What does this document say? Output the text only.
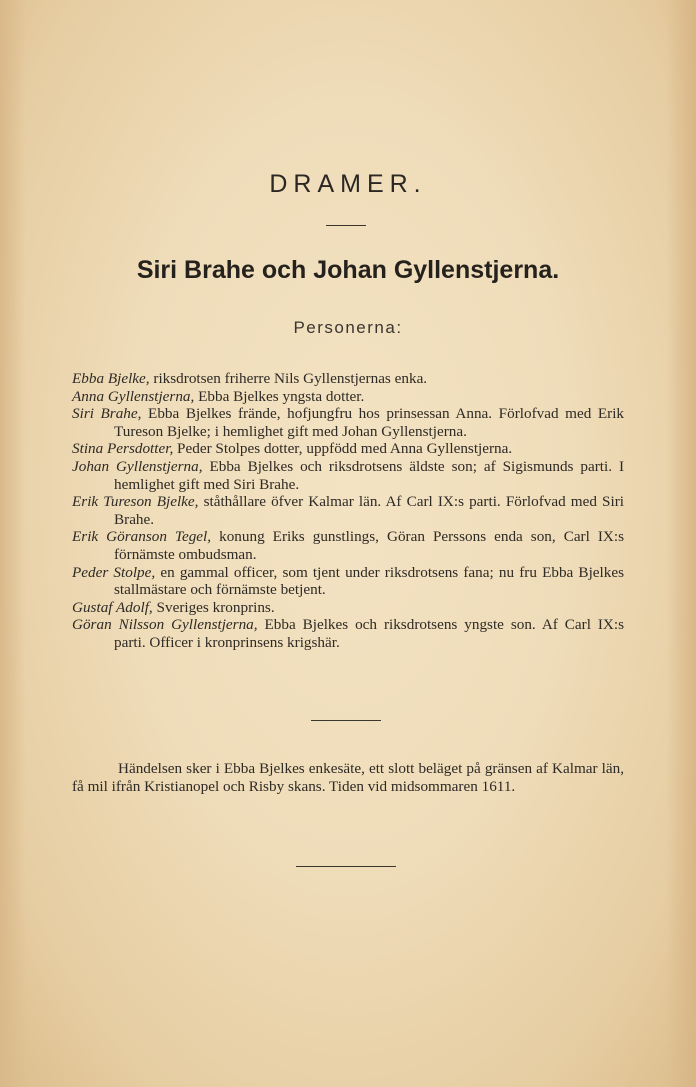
DRAMER.
Siri Brahe och Johan Gyllenstjerna.
Personerna:
Ebba Bjelke, riksdrotsen friherre Nils Gyllenstjernas enka.
Anna Gyllenstjerna, Ebba Bjelkes yngsta dotter.
Siri Brahe, Ebba Bjelkes frände, hofjungfru hos prinsessan Anna. Förlofvad med Erik Tureson Bjelke; i hemlighet gift med Johan Gyllenstjerna.
Stina Persdotter, Peder Stolpes dotter, uppfödd med Anna Gyllenstjerna.
Johan Gyllenstjerna, Ebba Bjelkes och riksdrotsens äldste son; af Sigismunds parti. I hemlighet gift med Siri Brahe.
Erik Tureson Bjelke, ståthållare öfver Kalmar län. Af Carl IX:s parti. Förlofvad med Siri Brahe.
Erik Göranson Tegel, konung Eriks gunstlings, Göran Perssons enda son, Carl IX:s förnämste ombudsman.
Peder Stolpe, en gammal officer, som tjent under riksdrotsens fana; nu fru Ebba Bjelkes stallmästare och förnämste betjent.
Gustaf Adolf, Sveriges kronprins.
Göran Nilsson Gyllenstjerna, Ebba Bjelkes och riksdrotsens yngste son. Af Carl IX:s parti. Officer i kronprinsens krigshär.

Händelsen sker i Ebba Bjelkes enkesäte, ett slott beläget på gränsen af Kalmar län, få mil ifrån Kristianopel och Risby skans. Tiden vid midsommaren 1611.
